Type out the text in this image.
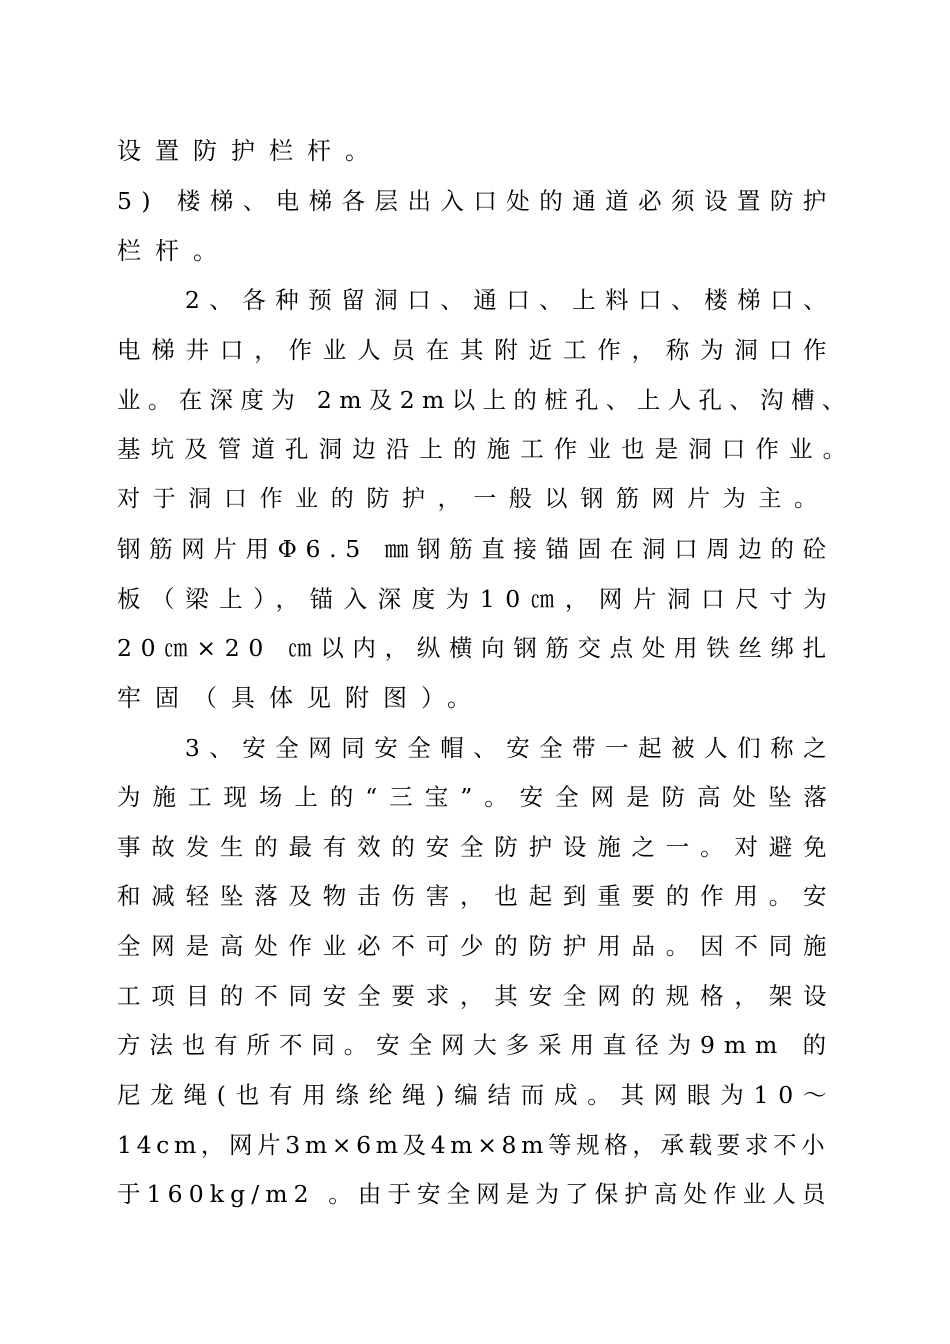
设置防护栏杆。
5) 楼梯、电梯各层出入口处的通道必须设置防护
栏杆。
2、各种预留洞口、通口、上料口、楼梯口、
电梯井口，作业人员在其附近工作，称为洞口作
业。在深度为 2m及2m以上的桩孔、上人孔、沟槽、
基坑及管道孔洞边沿上的施工作业也是洞口作业。
对于洞口作业的防护，一般以钢筋网片为主。
钢筋网片用Φ6.5 ㎜钢筋直接锚固在洞口周边的砼
板（梁上），锚入深度为10㎝，网片洞口尺寸为
20㎝×20 ㎝以内，纵横向钢筋交点处用铁丝绑扎
牢固（具体见附图）。
3、安全网同安全帽、安全带一起被人们称之
为施工现场上的“三宝”。安全网是防高处坠落
事故发生的最有效的安全防护设施之一。对避免
和减轻坠落及物击伤害，也起到重要的作用。安
全网是高处作业必不可少的防护用品。因不同施
工项目的不同安全要求，其安全网的规格，架设
方法也有所不同。安全网大多采用直径为9mm 的
尼龙绳(也有用绦纶绳)编结而成。其网眼为10～
14cm，网片3m×6m及4m×8m等规格，承载要求不小
于160kg/m2 。由于安全网是为了保护高处作业人员
